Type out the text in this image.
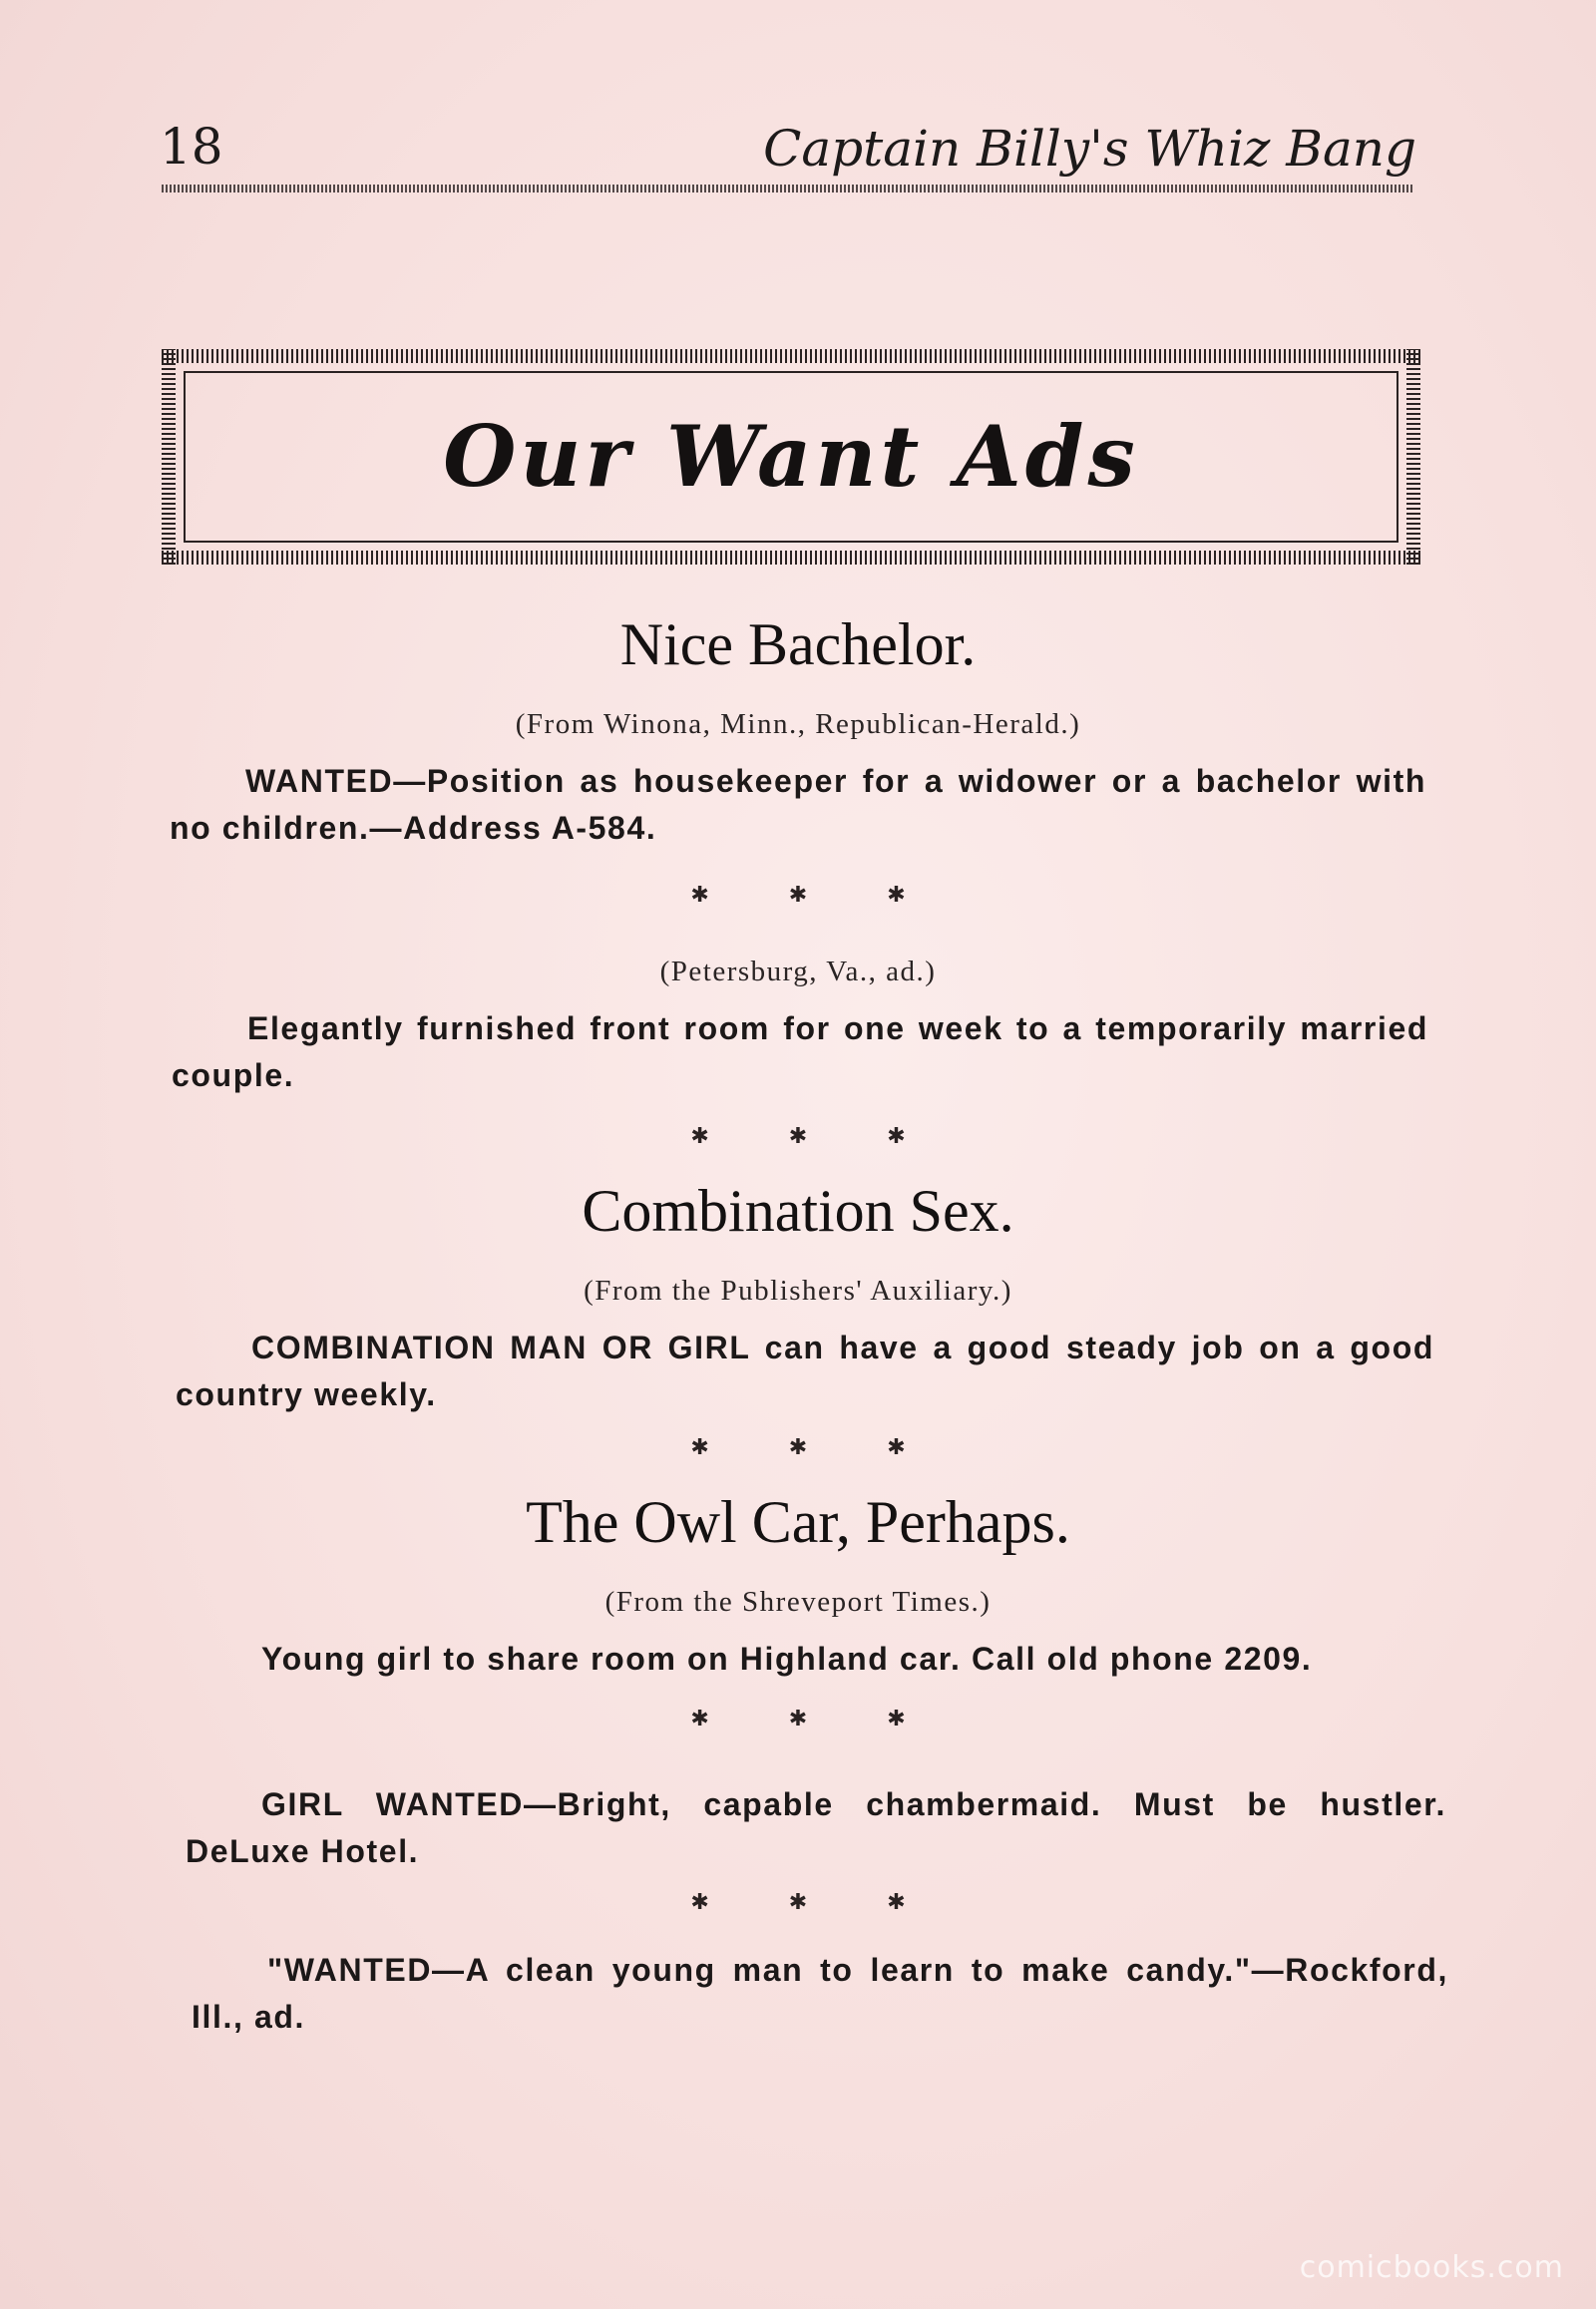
18	Captain Billy's Whiz Bang
Our Want Ads
Nice Bachelor.
(From Winona, Minn., Republican-Herald.)
WANTED—Position as housekeeper for a widower or a bachelor with no children.—Address A-584.
✱	✱	✱
(Petersburg, Va., ad.)
Elegantly furnished front room for one week to a temporarily married couple.
✱	✱	✱
Combination Sex.
(From the Publishers' Auxiliary.)
COMBINATION MAN OR GIRL can have a good steady job on a good country weekly.
✱	✱	✱
The Owl Car, Perhaps.
(From the Shreveport Times.)
Young girl to share room on Highland car. Call old phone 2209.
✱	✱	✱
GIRL WANTED—Bright, capable chambermaid. Must be hustler. DeLuxe Hotel.
✱	✱	✱
"WANTED—A clean young man to learn to make candy."—Rockford, Ill., ad.
comicbooks.com
